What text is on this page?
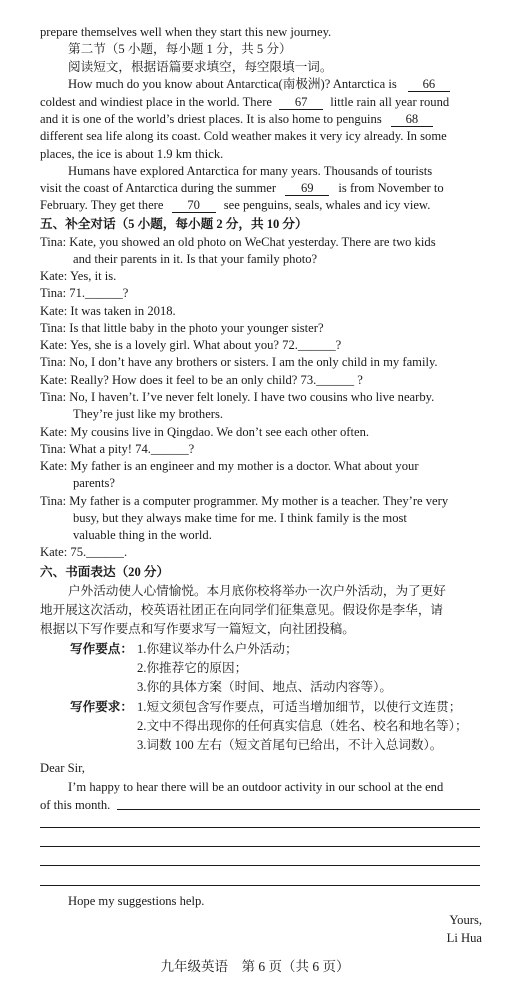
prepare themselves well when they start this new journey.
第二节（5 小题，每小题 1 分，共 5 分）
阅读短文，根据语篇要求填空，每空限填一词。
How much do you know about Antarctica(南极洲)? Antarctica is 66
coldest and windiest place in the world. There 67 little rain all year round
and it is one of the world’s driest places. It is also home to penguins 68
different sea life along its coast. Cold weather makes it very icy already. In some
places, the ice is about 1.9 km thick.
Humans have explored Antarctica for many years. Thousands of tourists
visit the coast of Antarctica during the summer 69 is from November to
February. They get there 70 see penguins, seals, whales and icy view.
五、补全对话（5 小题，每小题 2 分，共 10 分）
Tina: Kate, you showed an old photo on WeChat yesterday. There are two kids
and their parents in it. Is that your family photo?
Kate: Yes, it is.
Tina: 71.______?
Kate: It was taken in 2018.
Tina: Is that little baby in the photo your younger sister?
Kate: Yes, she is a lovely girl. What about you? 72.______?
Tina: No, I don’t have any brothers or sisters. I am the only child in my family.
Kate: Really? How does it feel to be an only child? 73.______ ?
Tina: No, I haven’t. I’ve never felt lonely. I have two cousins who live nearby.
They’re just like my brothers.
Kate: My cousins live in Qingdao. We don’t see each other often.
Tina: What a pity! 74.______?
Kate: My father is an engineer and my mother is a doctor. What about your
parents?
Tina: My father is a computer programmer. My mother is a teacher. They’re very
busy, but they always make time for me. I think family is the most
valuable thing in the world.
Kate: 75.______.
六、书面表达（20 分）
户外活动使人心情愉悦。本月底你校将举办一次户外活动，为了更好
地开展这次活动，校英语社团正在向同学们征集意见。假设你是李华，请
根据以下写作要点和写作要求写一篇短文，向社团投稿。
写作要点： 1.你建议举办什么户外活动；
2.你推荐它的原因；
3.你的具体方案（时间、地点、活动内容等）。
写作要求： 1.短文须包含写作要点，可适当增加细节，以使行文连贯；
2.文中不得出现你的任何真实信息（姓名、校名和地名等）；
3.词数 100 左右（短文首尾句已给出，不计入总词数）。
Dear Sir,
I’m happy to hear there will be an outdoor activity in our school at the end
of this month.
Hope my suggestions help.
Yours,
Li Hua
九年级英语　第 6 页（共 6 页）
